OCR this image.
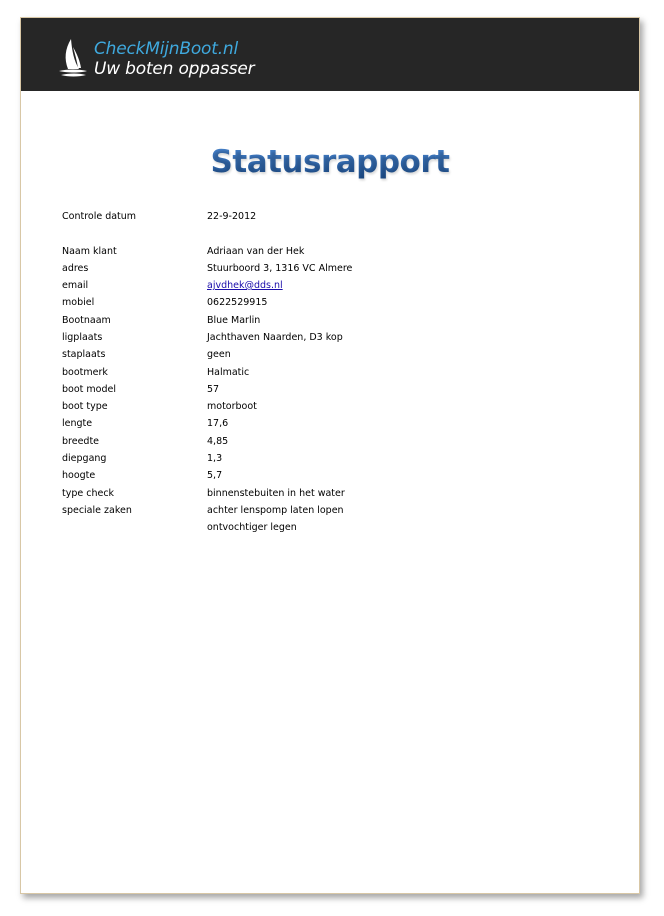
CheckMijnBoot.nl
Uw boten oppasser
Statusrapport
Controle datum	22-9-2012
Naam klant	Adriaan van der Hek
adres	Stuurboord 3, 1316 VC Almere
email	ajvdhek@dds.nl
mobiel	0622529915
Bootnaam	Blue Marlin
ligplaats	Jachthaven Naarden, D3 kop
staplaats	geen
bootmerk	Halmatic
boot model	57
boot type	motorboot
lengte	17,6
breedte	4,85
diepgang	1,3
hoogte	5,7
type check	binnenstebuiten in het water
speciale zaken	achter lenspomp laten lopen
ontvochtiger legen
